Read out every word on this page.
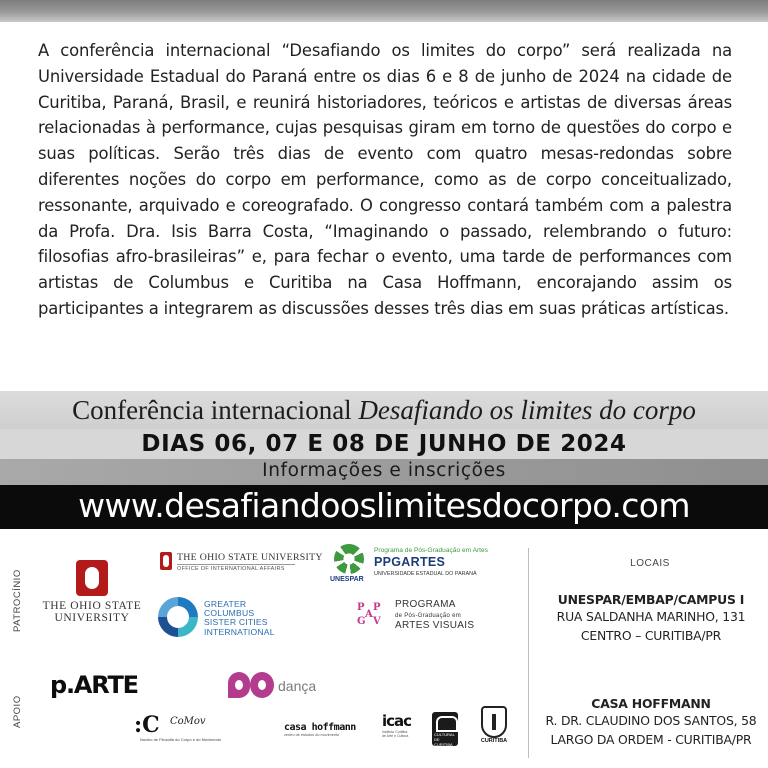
A conferência internacional “Desafiando os limites do corpo” será realizada na Universidade Estadual do Paraná entre os dias 6 e 8 de junho de 2024 na cidade de Curitiba, Paraná, Brasil, e reunirá historiadores, teóricos e artistas de diversas áreas relacionadas à performance, cujas pesquisas giram em torno de questões do corpo e suas políticas. Serão três dias de evento com quatro mesas-redondas sobre diferentes noções do corpo em performance, como as de corpo conceitualizado, ressonante, arquivado e coreografado. O congresso contará também com a palestra da Profa. Dra. Isis Barra Costa, “Imaginando o passado, relembrando o futuro: filosofias afro-brasileiras” e, para fechar o evento, uma tarde de performances com artistas de Columbus e Curitiba na Casa Hoffmann, encorajando assim os participantes a integrarem as discussões desses três dias em suas práticas artísticas.

Conferência internacional Desafiando os limites do corpo
DIAS 06, 07 E 08 DE JUNHO DE 2024
Informações e inscrições
www.desafiandooslimitesdocorpo.com
PATROCÍNIO
APOIO
THE OHIO STATE UNIVERSITY
THE OHIO STATE UNIVERSITY
OFFICE OF INTERNATIONAL AFFAIRS
GREATER
COLUMBUS
SISTER CITIES
INTERNATIONAL
UNESPAR
Programa de Pós-Graduação em Artes
PPGARTES
UNIVERSIDADE ESTADUAL DO PARANÁ
P P
G V
A
PROGRAMA
de Pós-Graduação em
ARTES VISUAIS
p.ARTE	dança
:C CoMov
Núcleo de Filosofia do Corpo e do Movimento
casa hoffmann
centro de estudos do movimento
icac
Instituto Curitiba de Arte e Cultura	CULTURAL DE CURITIBA
CURITIBA
LOCAIS
UNESPAR/EMBAP/CAMPUS I
RUA SALDANHA MARINHO, 131
CENTRO – CURITIBA/PR
CASA HOFFMANN
R. DR. CLAUDINO DOS SANTOS, 58
LARGO DA ORDEM - CURITIBA/PR
